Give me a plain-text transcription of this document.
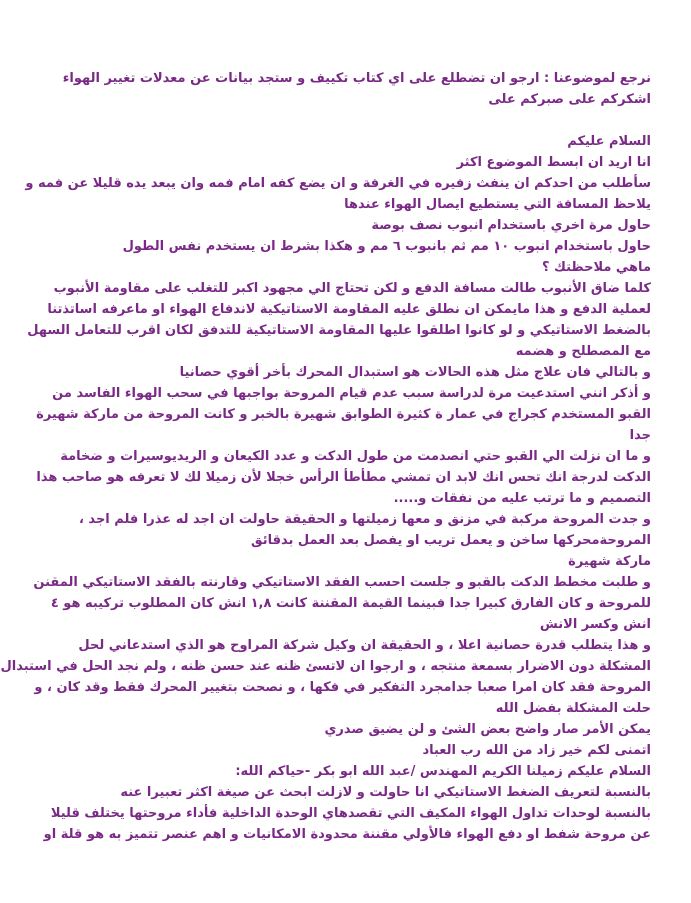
نرجع لموضوعنا : ارجو ان تضطلع على اي كتاب تكييف و ستجد بيانات عن معدلات تغيير الهواء
اشكركم على صبركم على
السلام عليكم
انا اريد ان ابسط الموضوع اكثر
سأطلب من احدكم ان ينفث زفيره في الغرفة و ان يضع كفه امام فمه وان يبعد يده قليلا عن فمه و
يلاحظ المسافة التي يستطيع ايصال الهواء عندها
حاول مرة اخري باستخدام انبوب نصف بوصة
حاول باستخدام انبوب ١٠ مم ثم بانبوب ٦ مم و هكذا بشرط ان يستخدم نفس الطول
ماهي ملاحظتك ؟
كلما ضاق الأنبوب طالت مسافة الدفع و لكن تحتاج الي مجهود اكبر للتغلب على مقاومة الأنبوب
لعملية الدفع و هذا مايمكن ان نطلق عليه المقاومة الاستاتيكية لاندفاع الهواء او ماعرفه اساتذتنا
بالضغط الاستاتيكي و لو كانوا اطلقوا عليها المقاومة الاستاتيكية للتدفق لكان اقرب للتعامل السهل
مع المصطلح و هضمه
و بالتالي فان علاج مثل هذه الحالات هو استبدال المحرك بأخر أقوي حصانيا
و أذكر انني استدعيت مرة لدراسة سبب عدم قيام المروحة بواجبها في سحب الهواء الفاسد من
القبو المستخدم كجراج في عمار ة كثيرة الطوابق شهيرة بالخبر و كانت المروحة من ماركة شهيرة
جدا
و ما ان نزلت الي القبو حتي انصدمت من طول الدكت و عدد الكيعان و الريديوسيرات و ضخامة
الدكت لدرجة انك تحس انك لابد ان تمشي مطأطأ الرأس خجلا لأن زميلا لك لا تعرفه هو صاحب هذا
التصميم و ما ترتب عليه من نفقات و.....
و جدت المروحة مركبة في مزنق و معها زميلتها و الحقيقة حاولت ان اجد له عذرا فلم اجد ،
المروحةمحركها ساخن و يعمل تريب او يفصل بعد العمل بدقائق
ماركة شهيرة
و طلبت مخطط الدكت بالقبو و جلست احسب الفقد الاستاتيكي وقارنته بالفقد الاستاتيكي المقنن
للمروحة و كان الفارق كبيرا جدا فبينما القيمة المقننة كانت ١,٨ انش كان المطلوب تركيبه هو ٤
انش وكسر الانش
و هذا يتطلب قدرة حصانية اعلا ، و الحقيقة ان وكيل شركة المراوح هو الذي استدعاني لحل
المشكلة دون الاضرار بسمعة منتجه ، و ارجوا ان لاتسئ ظنه عند حسن ظنه ، ولم نجد الحل في استبدال
المروحة فقد كان امرا صعبا جدامجرد التفكير في فكها ، و نصحت بتغيير المحرك فقط وقد كان ، و
حلت المشكلة بفضل الله
يمكن الأمر صار واضح بعض الشئ و لن يضيق صدري
اتمنى لكم خير زاد من الله رب العباد
السلام عليكم زميلنا الكريم المهندس /عبد الله ابو بكر -حياكم الله:
بالنسبة لتعريف الضغط الاستاتيكي انا حاولت و لازلت ابحث عن صيغة اكثر تعبيرا عنه
بالنسبة لوحدات تداول الهواء المكيف التي تقصدهاي الوحدة الداخلية فأداء مروحتها يختلف قليلا
عن مروحة شفط او دفع الهواء فالأولي مقننة محدودة الامكانيات و اهم عنصر تتميز به هو قلة او
